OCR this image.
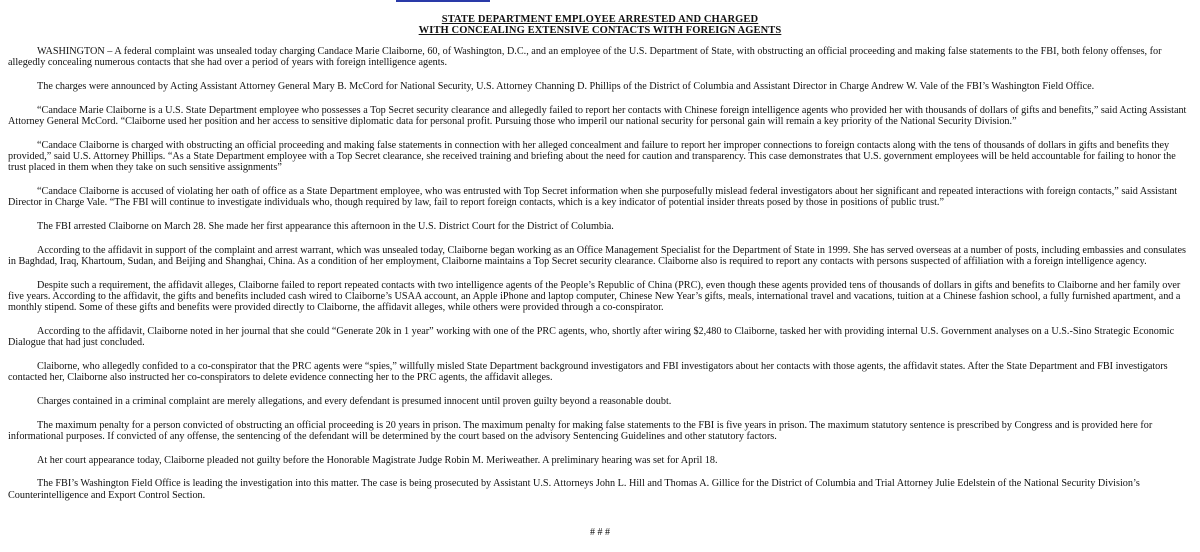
STATE DEPARTMENT EMPLOYEE ARRESTED AND CHARGED
WITH CONCEALING EXTENSIVE CONTACTS WITH FOREIGN AGENTS

WASHINGTON – A federal complaint was unsealed today charging Candace Marie Claiborne, 60, of Washington, D.C., and an employee of the U.S. Department of State, with obstructing an official proceeding and making false statements to the FBI, both felony offenses, for allegedly concealing numerous contacts that she had over a period of years with foreign intelligence agents.

The charges were announced by Acting Assistant Attorney General Mary B. McCord for National Security, U.S. Attorney Channing D. Phillips of the District of Columbia and Assistant Director in Charge Andrew W. Vale of the FBI’s Washington Field Office.

“Candace Marie Claiborne is a U.S. State Department employee who possesses a Top Secret security clearance and allegedly failed to report her contacts with Chinese foreign intelligence agents who provided her with thousands of dollars of gifts and benefits,” said Acting Assistant Attorney General McCord. “Claiborne used her position and her access to sensitive diplomatic data for personal profit. Pursuing those who imperil our national security for personal gain will remain a key priority of the National Security Division.”

“Candace Claiborne is charged with obstructing an official proceeding and making false statements in connection with her alleged concealment and failure to report her improper connections to foreign contacts along with the tens of thousands of dollars in gifts and benefits they provided,” said U.S. Attorney Phillips. “As a State Department employee with a Top Secret clearance, she received training and briefing about the need for caution and transparency. This case demonstrates that U.S. government employees will be held accountable for failing to honor the trust placed in them when they take on such sensitive assignments”

“Candace Claiborne is accused of violating her oath of office as a State Department employee, who was entrusted with Top Secret information when she purposefully mislead federal investigators about her significant and repeated interactions with foreign contacts,” said Assistant Director in Charge Vale. “The FBI will continue to investigate individuals who, though required by law, fail to report foreign contacts, which is a key indicator of potential insider threats posed by those in positions of public trust.”

The FBI arrested Claiborne on March 28. She made her first appearance this afternoon in the U.S. District Court for the District of Columbia.

According to the affidavit in support of the complaint and arrest warrant, which was unsealed today, Claiborne began working as an Office Management Specialist for the Department of State in 1999. She has served overseas at a number of posts, including embassies and consulates in Baghdad, Iraq, Khartoum, Sudan, and Beijing and Shanghai, China. As a condition of her employment, Claiborne maintains a Top Secret security clearance. Claiborne also is required to report any contacts with persons suspected of affiliation with a foreign intelligence agency.

Despite such a requirement, the affidavit alleges, Claiborne failed to report repeated contacts with two intelligence agents of the People’s Republic of China (PRC), even though these agents provided tens of thousands of dollars in gifts and benefits to Claiborne and her family over five years. According to the affidavit, the gifts and benefits included cash wired to Claiborne’s USAA account, an Apple iPhone and laptop computer, Chinese New Year’s gifts, meals, international travel and vacations, tuition at a Chinese fashion school, a fully furnished apartment, and a monthly stipend. Some of these gifts and benefits were provided directly to Claiborne, the affidavit alleges, while others were provided through a co-conspirator.

According to the affidavit, Claiborne noted in her journal that she could “Generate 20k in 1 year” working with one of the PRC agents, who, shortly after wiring $2,480 to Claiborne, tasked her with providing internal U.S. Government analyses on a U.S.-Sino Strategic Economic Dialogue that had just concluded.

Claiborne, who allegedly confided to a co-conspirator that the PRC agents were “spies,” willfully misled State Department background investigators and FBI investigators about her contacts with those agents, the affidavit states. After the State Department and FBI investigators contacted her, Claiborne also instructed her co-conspirators to delete evidence connecting her to the PRC agents, the affidavit alleges.

Charges contained in a criminal complaint are merely allegations, and every defendant is presumed innocent until proven guilty beyond a reasonable doubt.

The maximum penalty for a person convicted of obstructing an official proceeding is 20 years in prison. The maximum penalty for making false statements to the FBI is five years in prison. The maximum statutory sentence is prescribed by Congress and is provided here for informational purposes. If convicted of any offense, the sentencing of the defendant will be determined by the court based on the advisory Sentencing Guidelines and other statutory factors.

At her court appearance today, Claiborne pleaded not guilty before the Honorable Magistrate Judge Robin M. Meriweather. A preliminary hearing was set for April 18.

The FBI’s Washington Field Office is leading the investigation into this matter. The case is being prosecuted by Assistant U.S. Attorneys John L. Hill and Thomas A. Gillice for the District of Columbia and Trial Attorney Julie Edelstein of the National Security Division’s Counterintelligence and Export Control Section.

# # #
